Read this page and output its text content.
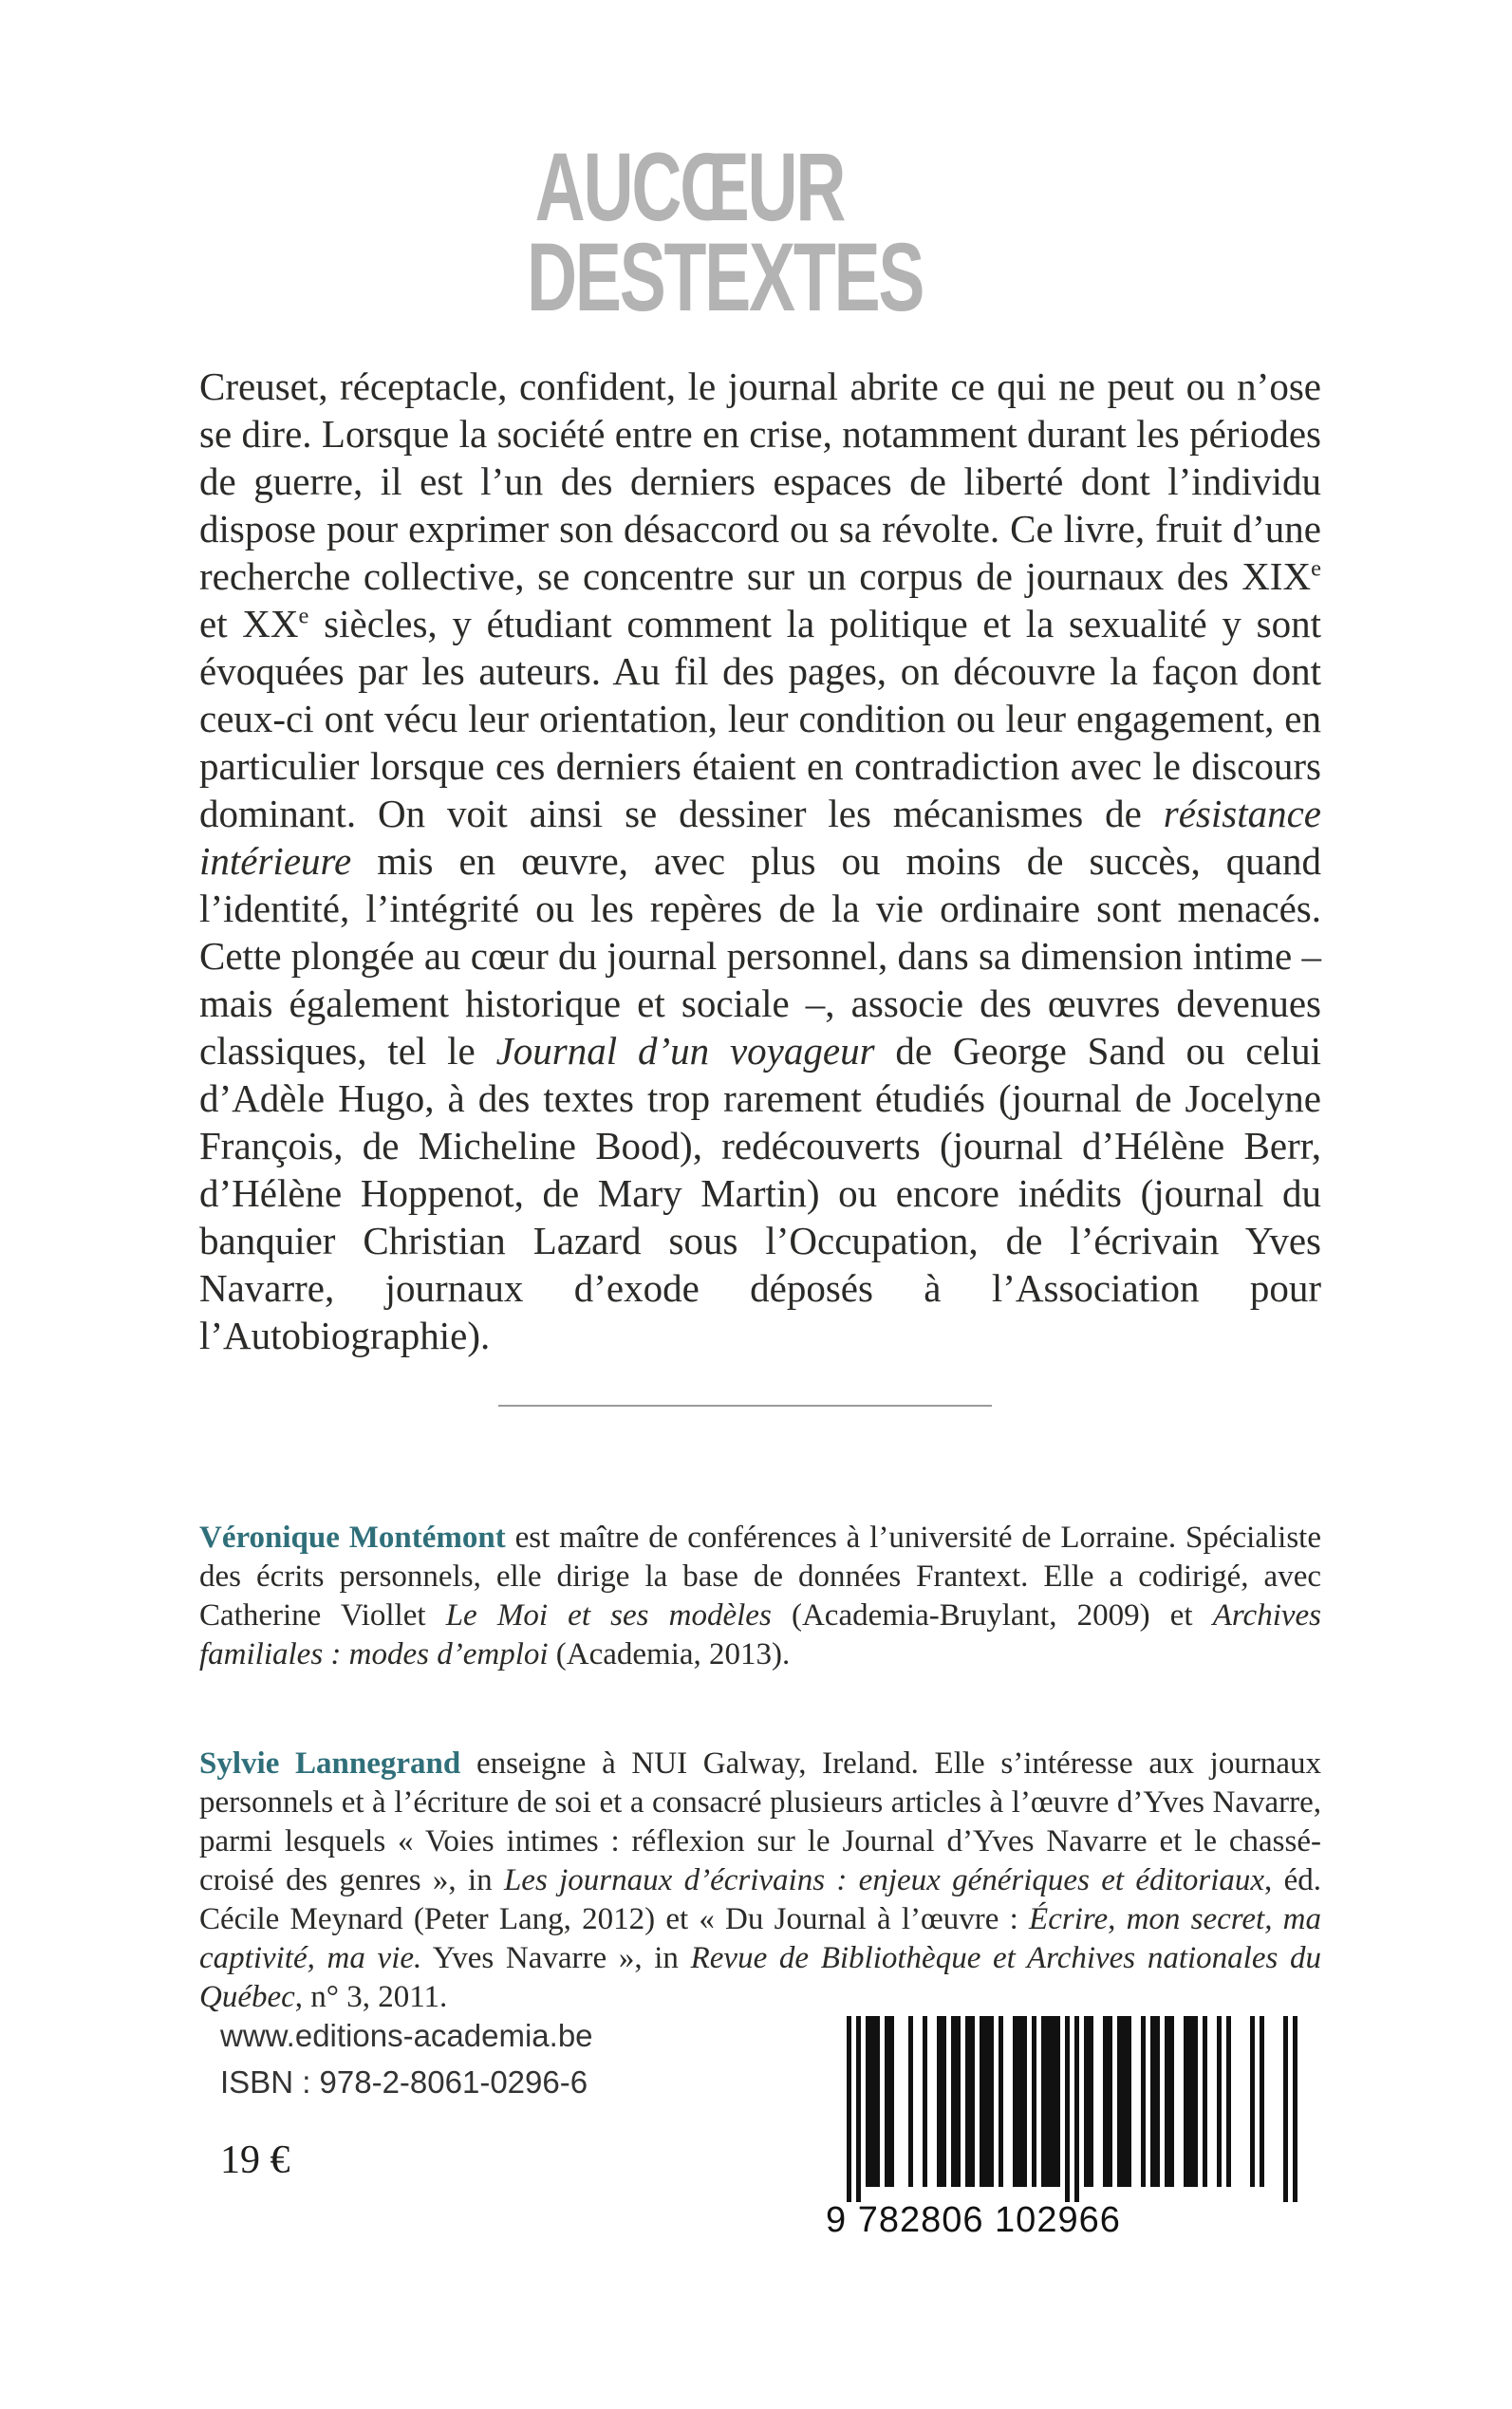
AUCŒUR
DESTEXTES

Creuset, réceptacle, confident, le journal abrite ce qui ne peut ou n’ose se dire. Lorsque la société entre en crise, notamment durant les périodes de guerre, il est l’un des derniers espaces de liberté dont l’individu dispose pour exprimer son désaccord ou sa révolte. Ce livre, fruit d’une recherche collective, se concentre sur un corpus de journaux des XIXe et XXe siècles, y étudiant comment la politique et la sexualité y sont évoquées par les auteurs. Au fil des pages, on découvre la façon dont ceux-ci ont vécu leur orientation, leur condition ou leur engagement, en particulier lorsque ces derniers étaient en contradiction avec le discours dominant. On voit ainsi se dessiner les mécanismes de résistance intérieure mis en œuvre, avec plus ou moins de succès, quand l’identité, l’intégrité ou les repères de la vie ordinaire sont menacés. Cette plongée au cœur du journal personnel, dans sa dimension intime – mais également historique et sociale –, associe des œuvres devenues classiques, tel le Journal d’un voyageur de George Sand ou celui d’Adèle Hugo, à des textes trop rarement étudiés (journal de Jocelyne François, de Micheline Bood), redécouverts (journal d’Hélène Berr, d’Hélène Hoppenot, de Mary Martin) ou encore inédits (journal du banquier Christian Lazard sous l’Occupation, de l’écrivain Yves Navarre, journaux d’exode déposés à l’Association pour l’Autobiographie).

Véronique Montémont est maître de conférences à l’université de Lorraine. Spécialiste des écrits personnels, elle dirige la base de données Frantext. Elle a codirigé, avec Catherine Viollet Le Moi et ses modèles (Academia-Bruylant, 2009) et Archives familiales : modes d’emploi (Academia, 2013).

Sylvie Lannegrand enseigne à NUI Galway, Ireland. Elle s’intéresse aux journaux personnels et à l’écriture de soi et a consacré plusieurs articles à l’œuvre d’Yves Navarre, parmi lesquels « Voies intimes : réflexion sur le Journal d’Yves Navarre et le chassé-croisé des genres », in Les journaux d’écrivains : enjeux génériques et éditoriaux, éd. Cécile Meynard (Peter Lang, 2012) et « Du Journal à l’œuvre : Écrire, mon secret, ma captivité, ma vie. Yves Navarre », in Revue de Bibliothèque et Archives nationales du Québec, n° 3, 2011.

www.editions-academia.be
ISBN : 978-2-8061-0296-6
19 €
9 782806 102966
